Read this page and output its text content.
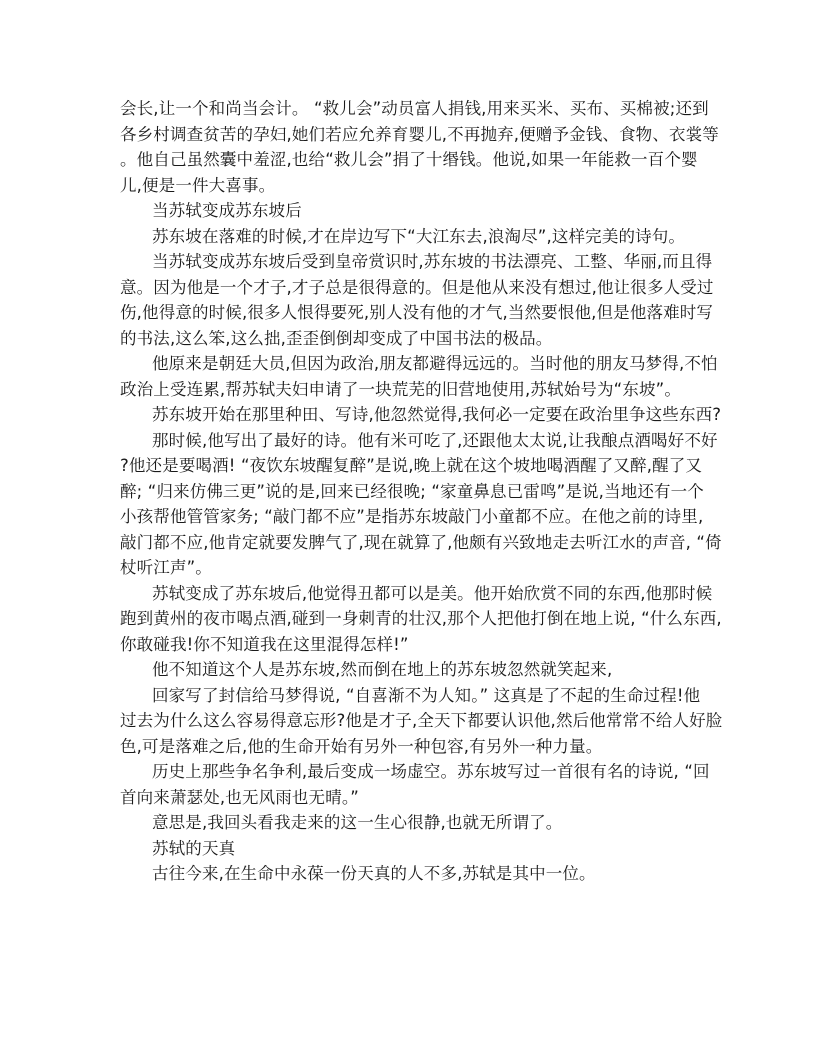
会长,让一个和尚当会计。 “救儿会”动员富人捐钱,用来买米、买布、买棉被;还到
各乡村调查贫苦的孕妇,她们若应允养育婴儿,不再抛弃,便赠予金钱、食物、衣裳等
。他自己虽然囊中羞涩,也给“救儿会”捐了十缗钱。他说,如果一年能救一百个婴
儿,便是一件大喜事。
当苏轼变成苏东坡后
苏东坡在落难的时候,才在岸边写下“大江东去,浪淘尽”,这样完美的诗句。
当苏轼变成苏东坡后受到皇帝赏识时,苏东坡的书法漂亮、工整、华丽,而且得
意。因为他是一个才子,才子总是很得意的。但是他从来没有想过,他让很多人受过
伤,他得意的时候,很多人恨得要死,别人没有他的才气,当然要恨他,但是他落难时写
的书法,这么笨,这么拙,歪歪倒倒却变成了中国书法的极品。
他原来是朝廷大员,但因为政治,朋友都避得远远的。当时他的朋友马梦得,不怕
政治上受连累,帮苏轼夫妇申请了一块荒芜的旧营地使用,苏轼始号为“东坡”。
苏东坡开始在那里种田、写诗,他忽然觉得,我何必一定要在政治里争这些东西?
那时候,他写出了最好的诗。他有米可吃了,还跟他太太说,让我酿点酒喝好不好
?他还是要喝酒! “夜饮东坡醒复醉”是说,晚上就在这个坡地喝酒醒了又醉,醒了又
醉; “归来仿佛三更”说的是,回来已经很晚; “家童鼻息已雷鸣”是说,当地还有一个
小孩帮他管管家务; “敲门都不应”是指苏东坡敲门小童都不应。在他之前的诗里,
敲门都不应,他肯定就要发脾气了,现在就算了,他颇有兴致地走去听江水的声音, “倚
杖听江声”。
苏轼变成了苏东坡后,他觉得丑都可以是美。他开始欣赏不同的东西,他那时候
跑到黄州的夜市喝点酒,碰到一身刺青的壮汉,那个人把他打倒在地上说, “什么东西,
你敢碰我!你不知道我在这里混得怎样!”
他不知道这个人是苏东坡,然而倒在地上的苏东坡忽然就笑起来,
回家写了封信给马梦得说, “自喜渐不为人知。” 这真是了不起的生命过程!他
过去为什么这么容易得意忘形?他是才子,全天下都要认识他,然后他常常不给人好脸
色,可是落难之后,他的生命开始有另外一种包容,有另外一种力量。
历史上那些争名争利,最后变成一场虚空。苏东坡写过一首很有名的诗说, “回
首向来萧瑟处,也无风雨也无晴。”
意思是,我回头看我走来的这一生心很静,也就无所谓了。
苏轼的天真
古往今来,在生命中永葆一份天真的人不多,苏轼是其中一位。
